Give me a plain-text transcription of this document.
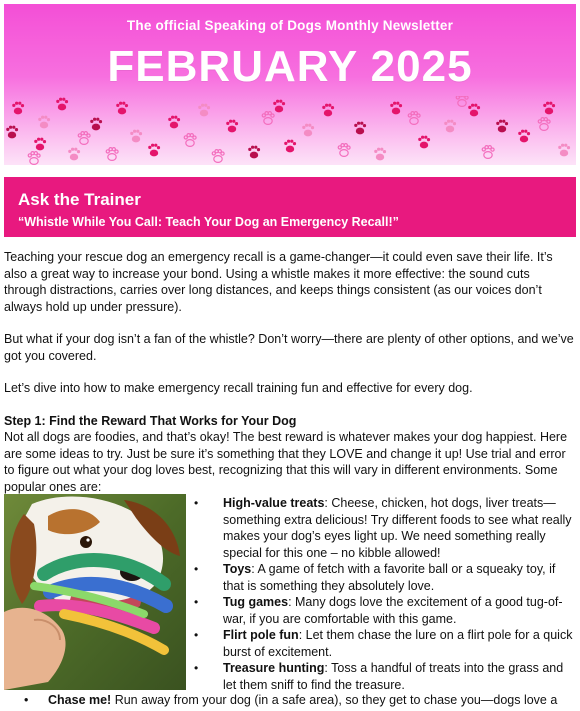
The official Speaking of Dogs Monthly Newsletter
FEBRUARY 2025
Ask the Trainer
“Whistle While You Call: Teach Your Dog an Emergency Recall!”

Teaching your rescue dog an emergency recall is a game-changer—it could even save their life. It’s also a great way to increase your bond. Using a whistle makes it more effective: the sound cuts through distractions, carries over long distances, and keeps things consistent (as our voices don’t always hold up under pressure).

But what if your dog isn’t a fan of the whistle? Don’t worry—there are plenty of other options, and we’ve got you covered.

Let’s dive into how to make emergency recall training fun and effective for every dog.

Step 1: Find the Reward That Works for Your Dog

Not all dogs are foodies, and that’s okay! The best reward is whatever makes your dog happiest. Here are some ideas to try. Just be sure it’s something that they LOVE and change it up! Use trial and error to figure out what your dog loves best, recognizing that this will vary in different environments. Some popular ones are:

• High-value treats: Cheese, chicken, hot dogs, liver treats—something extra delicious! Try different foods to see what really makes your dog’s eyes light up. We need something really special for this one – no kibble allowed!

• Toys: A game of fetch with a favorite ball or a squeaky toy, if that is something they absolutely love.

• Tug games: Many dogs love the excitement of a good tug-of-war, if you are comfortable with this game.

• Flirt pole fun: Let them chase the lure on a flirt pole for a quick burst of excitement.

• Treasure hunting: Toss a handful of treats into the grass and let them sniff to find the treasure.

• Chase me! Run away from your dog (in a safe area), so they get to chase you—dogs love a
